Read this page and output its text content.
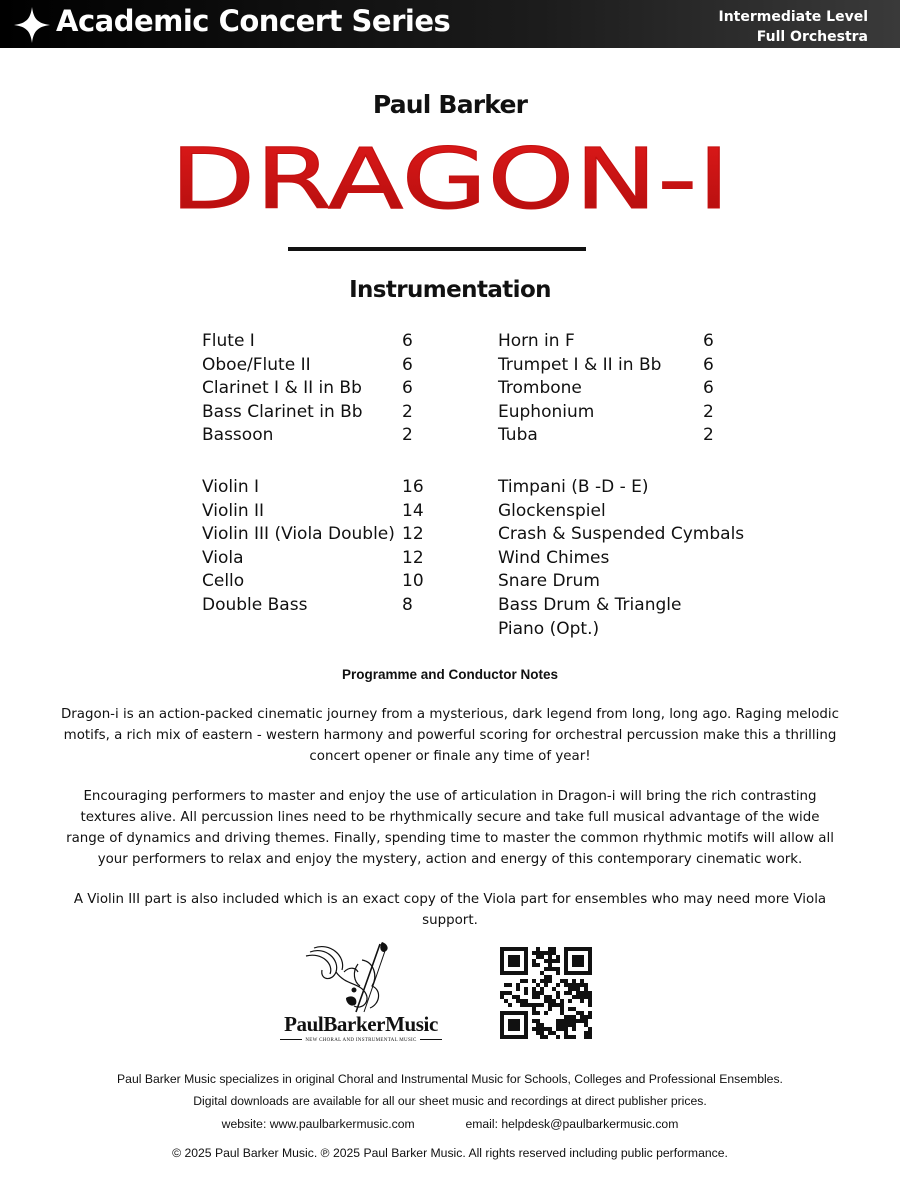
Academic Concert Series	Intermediate Level
Full Orchestra
Paul Barker
DRAGON-I
Instrumentation
Flute I	6
Oboe/Flute II	6
Clarinet I & II in Bb 6
Bass Clarinet in Bb 2
Bassoon	2
Horn in F	6
Trumpet I & II in Bb 6
Trombone	6
Euphonium	2
Tuba	2
Violin I	16
Violin II	14
Violin III (Viola Double) 12
Viola	12
Cello	10
Double Bass	8
Timpani (B -D - E)
Glockenspiel
Crash & Suspended Cymbals
Wind Chimes
Snare Drum
Bass Drum & Triangle
Piano (Opt.)
Programme and Conductor Notes

Dragon-i is an action-packed cinematic journey from a mysterious, dark legend from long, long ago. Raging melodic motifs, a rich mix of eastern - western harmony and powerful scoring for orchestral percussion make this a thrilling concert opener or finale any time of year!

Encouraging performers to master and enjoy the use of articulation in Dragon-i will bring the rich contrasting textures alive. All percussion lines need to be rhythmically secure and take full musical advantage of the wide range of dynamics and driving themes. Finally, spending time to master the common rhythmic motifs will allow all your performers to relax and enjoy the mystery, action and energy of this contemporary cinematic work.

A Violin III part is also included which is an exact copy of the Viola part for ensembles who may need more Viola support.

PaulBarkerMusic
NEW CHORAL AND INSTRUMENTAL MUSIC
Paul Barker Music specializes in original Choral and Instrumental Music for Schools, Colleges and Professional Ensembles.
Digital downloads are available for all our sheet music and recordings at direct publisher prices.
website: www.paulbarkermusic.com	email: helpdesk@paulbarkermusic.com
© 2025 Paul Barker Music. ℗ 2025 Paul Barker Music. All rights reserved including public performance.
